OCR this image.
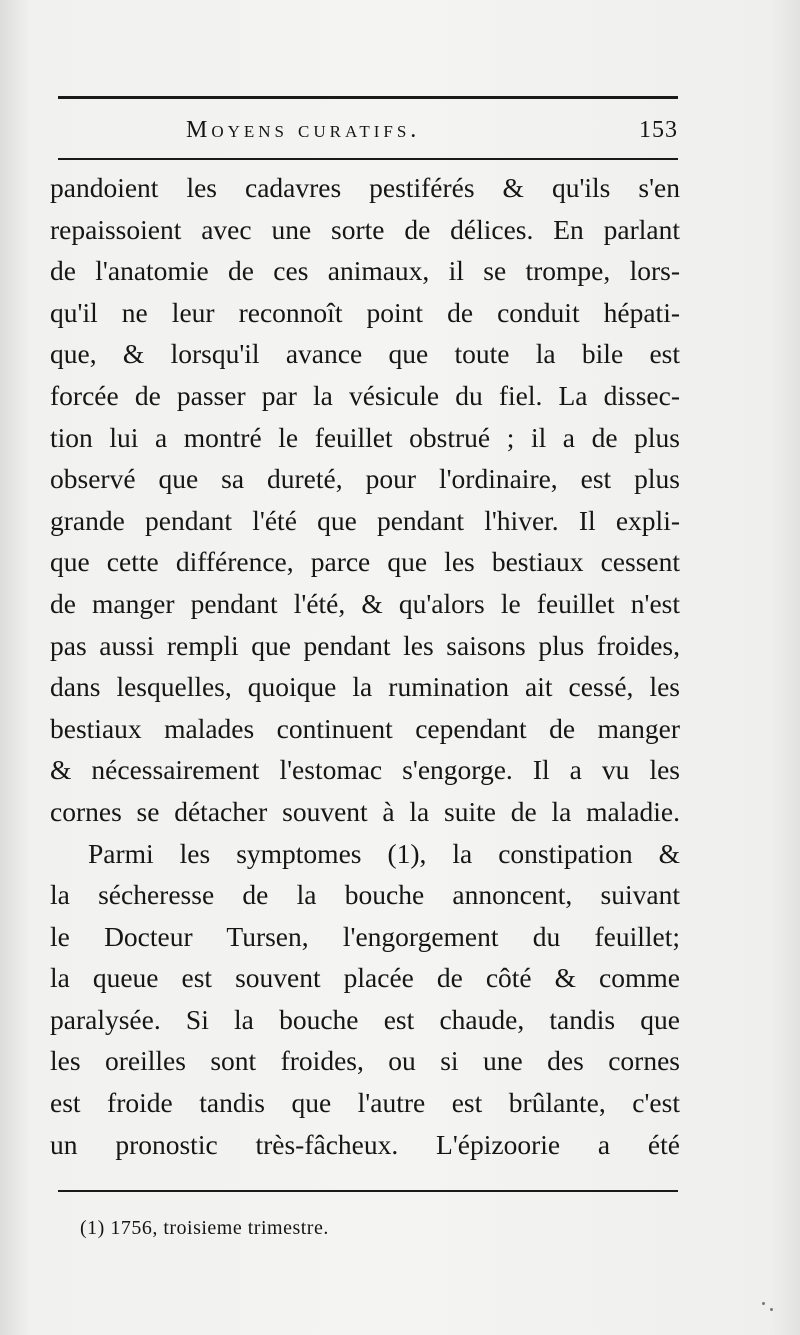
Moyens curatifs.	153
pandoient les cadavres pestiférés & qu'ils s'en
repaissoient avec une sorte de délices. En parlant
de l'anatomie de ces animaux, il se trompe, lors-
qu'il ne leur reconnoît point de conduit hépati-
que, & lorsqu'il avance que toute la bile est
forcée de passer par la vésicule du fiel. La dissec-
tion lui a montré le feuillet obstrué ; il a de plus
observé que sa dureté, pour l'ordinaire, est plus
grande pendant l'été que pendant l'hiver. Il expli-
que cette différence, parce que les bestiaux cessent
de manger pendant l'été, & qu'alors le feuillet n'est
pas aussi rempli que pendant les saisons plus froides,
dans lesquelles, quoique la rumination ait cessé, les
bestiaux malades continuent cependant de manger
& nécessairement l'estomac s'engorge. Il a vu les
cornes se détacher souvent à la suite de la maladie.
Parmi les symptomes (1), la constipation &
la sécheresse de la bouche annoncent, suivant
le Docteur Tursen, l'engorgement du feuillet;
la queue est souvent placée de côté & comme
paralysée. Si la bouche est chaude, tandis que
les oreilles sont froides, ou si une des cornes
est froide tandis que l'autre est brûlante, c'est
un pronostic très-fâcheux. L'épizoorie a été
(1) 1756, troisieme trimestre.
